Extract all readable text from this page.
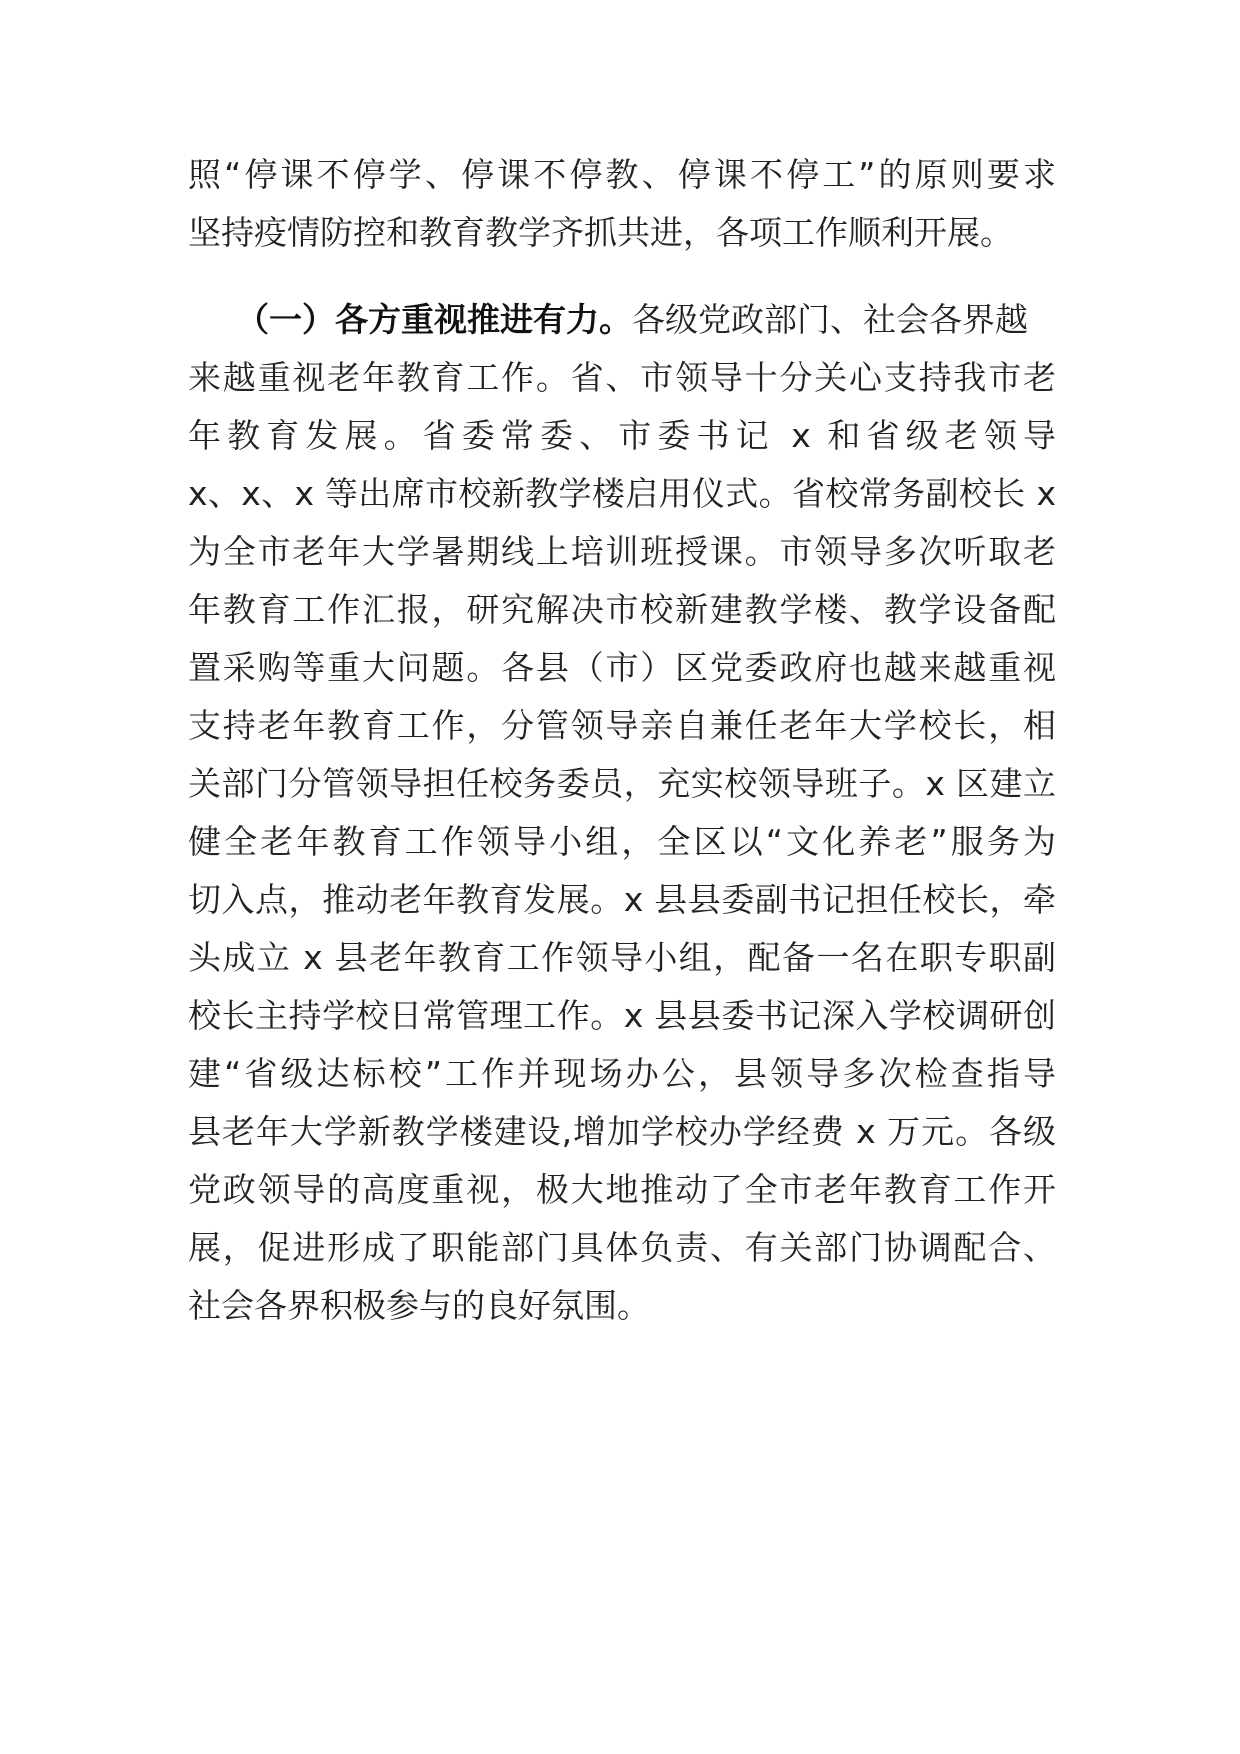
照“停课不停学、停课不停教、停课不停工”的原则要求
坚持疫情防控和教育教学齐抓共进，各项工作顺利开展。
（一）各方重视推进有力。各级党政部门、社会各界越
来越重视老年教育工作。省、市领导十分关心支持我市老
年教育发展。省委常委、市委书记 x 和省级老领导
x、x、x 等出席市校新教学楼启用仪式。省校常务副校长 x
为全市老年大学暑期线上培训班授课。市领导多次听取老
年教育工作汇报，研究解决市校新建教学楼、教学设备配
置采购等重大问题。各县（市）区党委政府也越来越重视
支持老年教育工作，分管领导亲自兼任老年大学校长，相
关部门分管领导担任校务委员，充实校领导班子。x 区建立
健全老年教育工作领导小组，全区以“文化养老”服务为
切入点，推动老年教育发展。x 县县委副书记担任校长，牵
头成立 x 县老年教育工作领导小组，配备一名在职专职副
校长主持学校日常管理工作。x 县县委书记深入学校调研创
建“省级达标校”工作并现场办公，县领导多次检查指导
县老年大学新教学楼建设,增加学校办学经费 x 万元。各级
党政领导的高度重视，极大地推动了全市老年教育工作开
展，促进形成了职能部门具体负责、有关部门协调配合、
社会各界积极参与的良好氛围。
